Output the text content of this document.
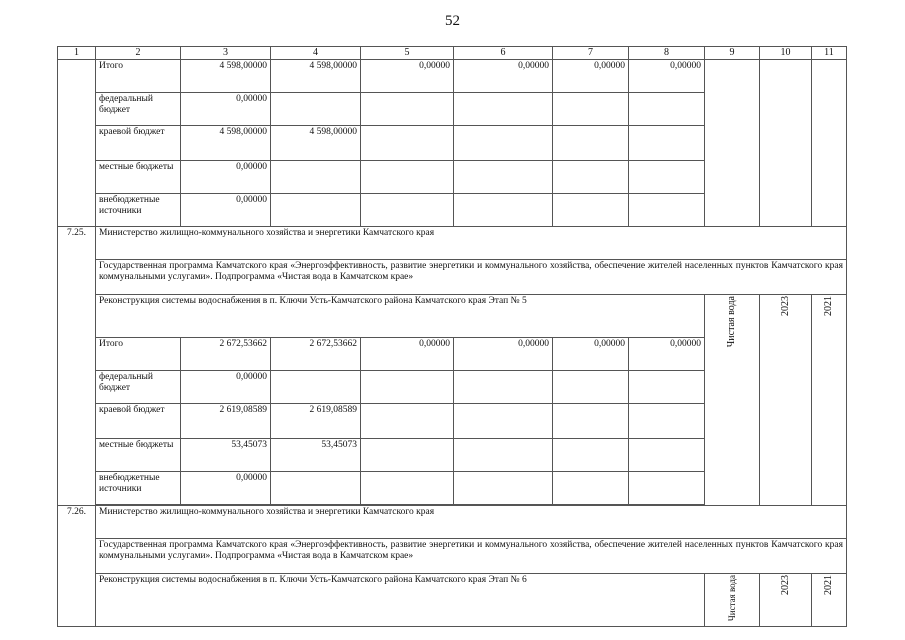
52
1	2	3	4	5	6	7	8	9	10	11
	Итого	4 598,00000	4 598,00000	0,00000	0,00000	0,00000	0,00000			
	федеральный бюджет	0,00000								
	краевой бюджет	4 598,00000	4 598,00000							
	местные бюджеты	0,00000								
	внебюджетные источники	0,00000								
7.25.	Министерство жилищно-коммунального хозяйства и энергетики Камчатского края									
	Государственная программа Камчатского края «Энергоэффективность, развитие энергетики и коммунального хозяйства, обеспечение жителей населенных пунктов Камчатского края коммунальными услугами». Подпрограмма «Чистая вода в Камчатском крае»									
	Реконструкция системы водоснабжения в п. Ключи Усть-Камчатского района Камчатского края Этап № 5							Чистая вода	2023	2021
	Итого	2 672,53662	2 672,53662	0,00000	0,00000	0,00000	0,00000			
	федеральный бюджет	0,00000								
	краевой бюджет	2 619,08589	2 619,08589							
	местные бюджеты	53,45073	53,45073							
	внебюджетные источники	0,00000								

7.26.	Министерство жилищно-коммунального хозяйства и энергетики Камчатского края									
	Государственная программа Камчатского края «Энергоэффективность, развитие энергетики и коммунального хозяйства, обеспечение жителей населенных пунктов Камчатского края коммунальными услугами». Подпрограмма «Чистая вода в Камчатском крае»									
	Реконструкция системы водоснабжения в п. Ключи Усть-Камчатского района Камчатского края Этап № 6							Чистая вода	2023	2021
